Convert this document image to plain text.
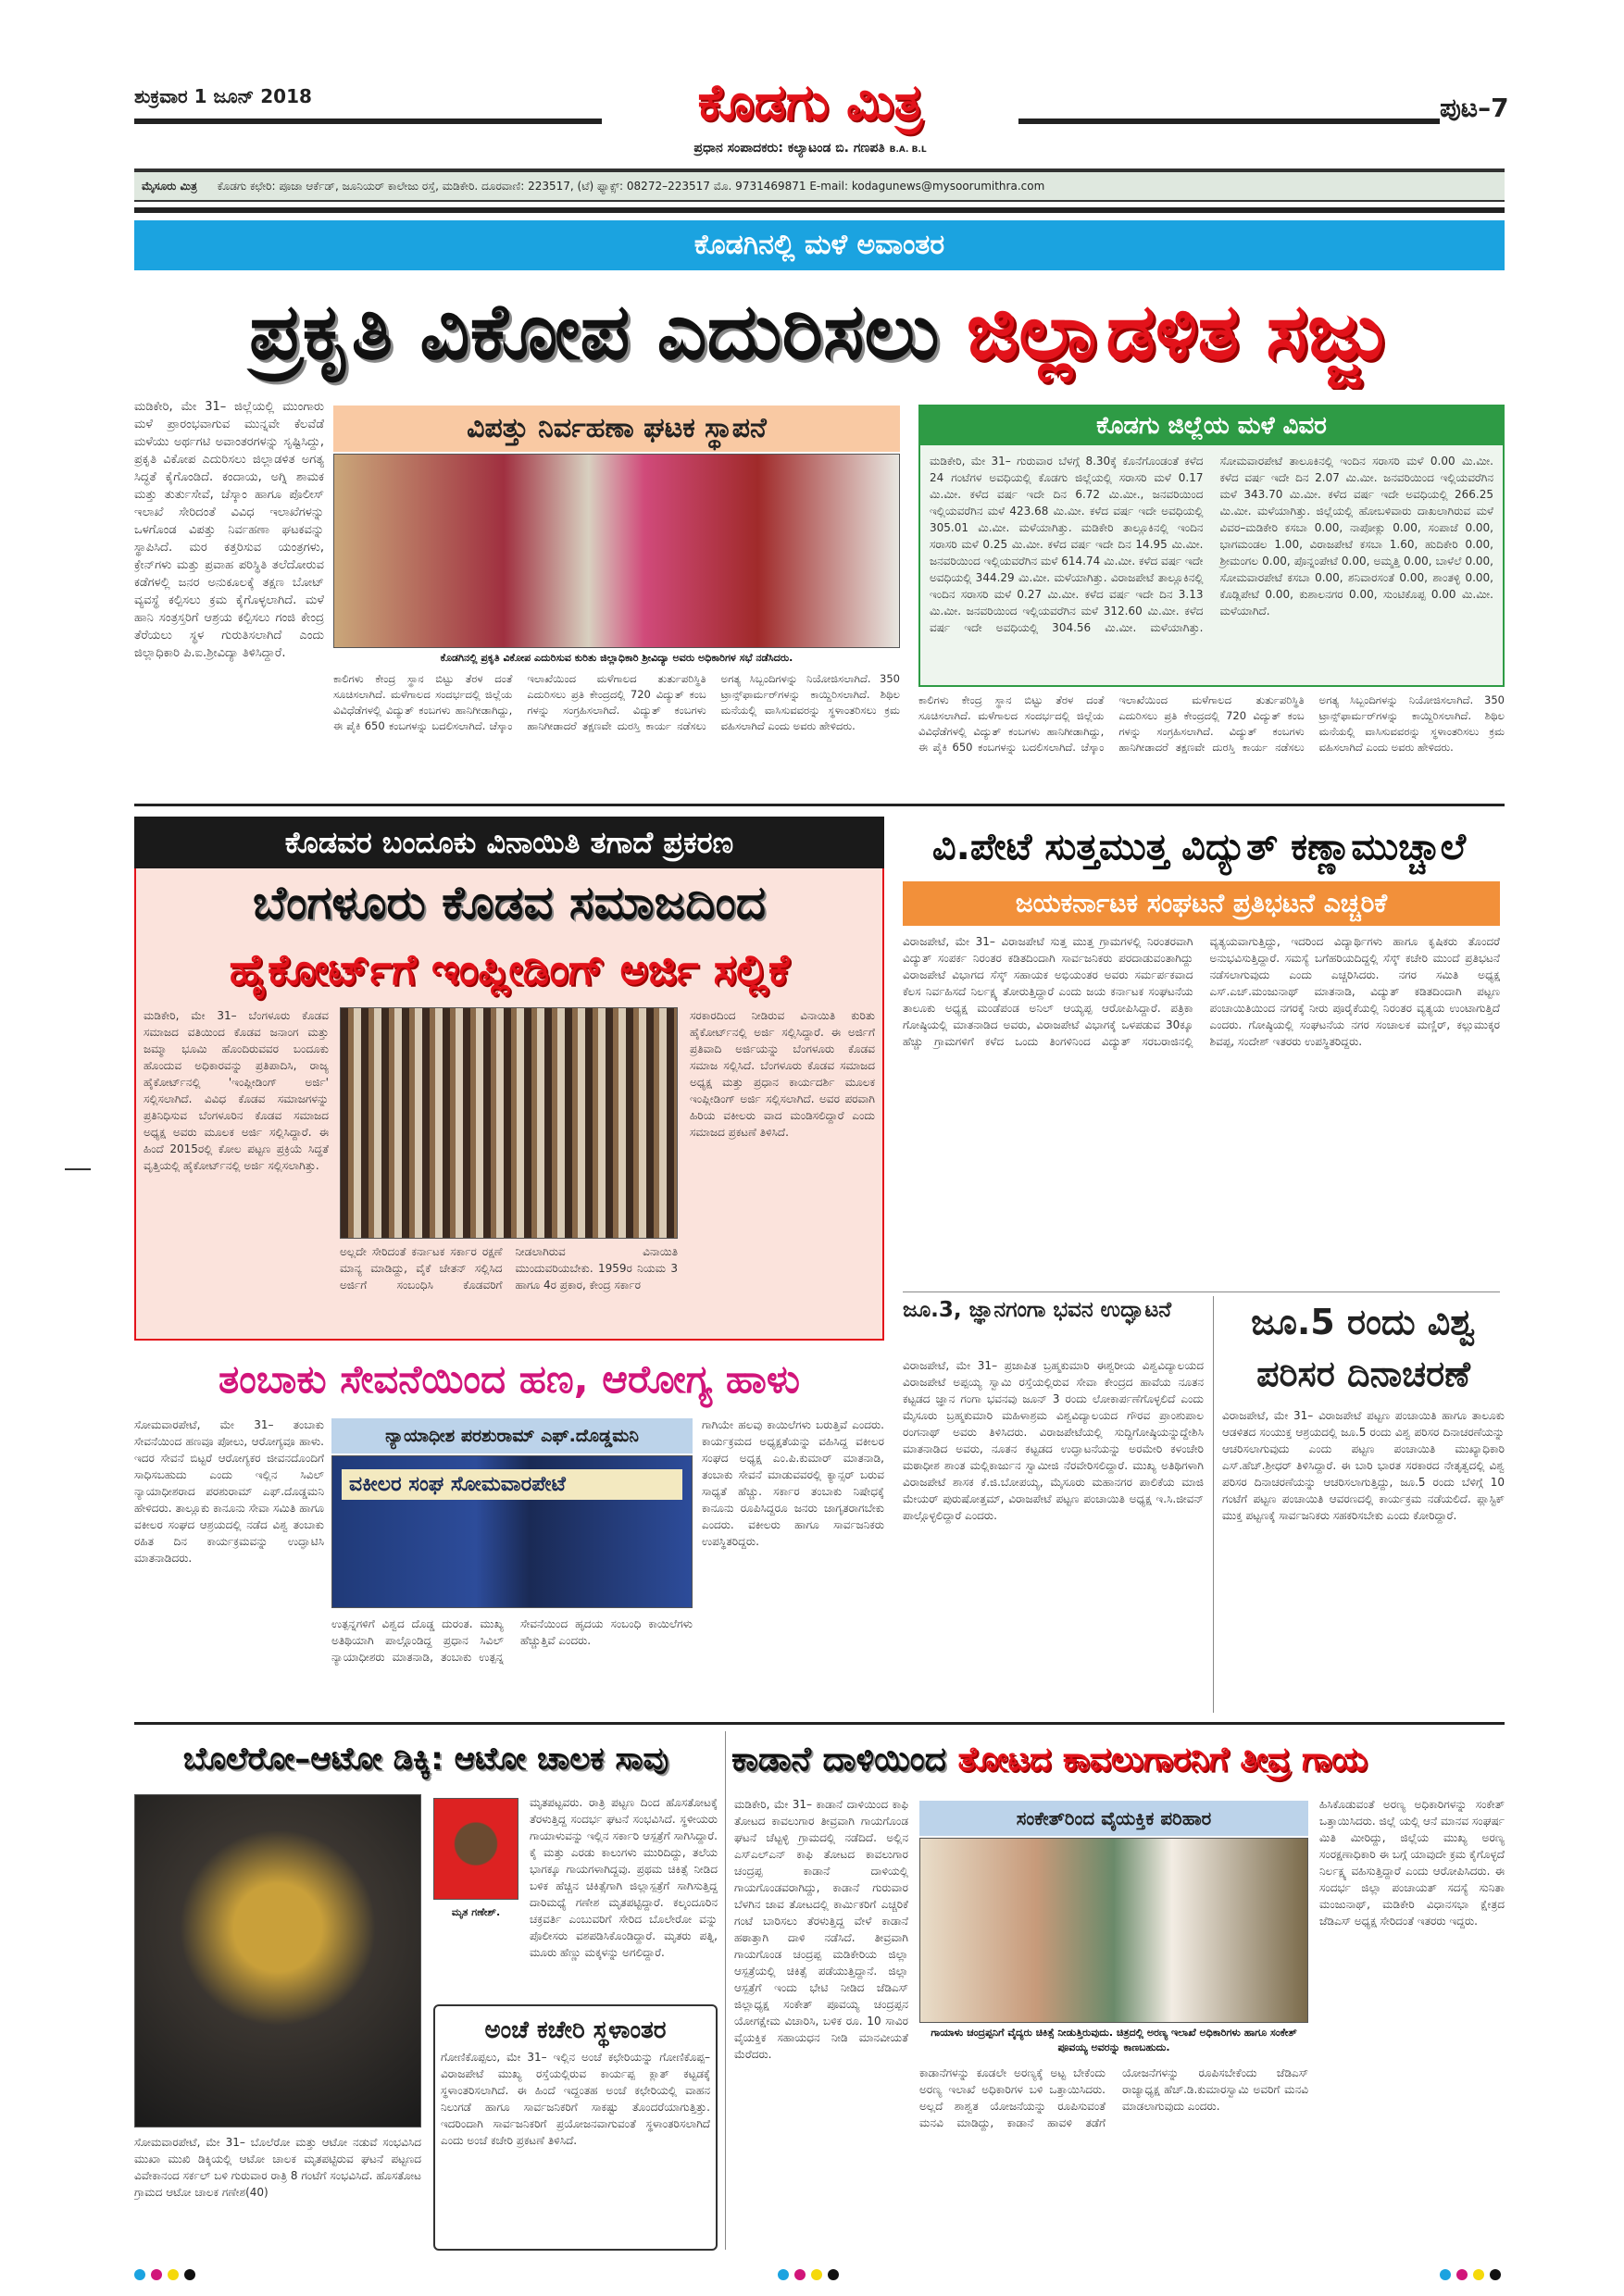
ಶುಕ್ರವಾರ 1 ಜೂನ್ 2018	ಕೊಡಗು ಮಿತ್ರ
ಪ್ರಧಾನ ಸಂಪಾದಕರು: ಕಲ್ಯಾಟಂಡ ಬಿ. ಗಣಪತಿ B.A. B.L
ಪುಟ–7
ಮೈಸೂರು ಮಿತ್ರ ಕೊಡಗು ಕಛೇರಿ: ಪೂಜಾ ಆರ್ಕೆಡ್, ಜೂನಿಯರ್ ಕಾಲೇಜು ರಸ್ತೆ, ಮಡಿಕೇರಿ. ದೂರವಾಣಿ: 223517, (ಟೆ) ಫ್ಯಾಕ್ಸ್: 08272–223517 ಮೊ. 9731469871 E-mail: kodagunews@mysoorumithra.com
ಕೊಡಗಿನಲ್ಲಿ ಮಳೆ ಅವಾಂತರ
ಪ್ರಕೃತಿ ವಿಕೋಪ ಎದುರಿಸಲು ಜಿಲ್ಲಾಡಳಿತ ಸಜ್ಜು
ಮಡಿಕೇರಿ, ಮೇ 31– ಜಿಲ್ಲೆಯಲ್ಲಿ ಮುಂಗಾರು ಮಳೆ ಪ್ರಾರಂಭವಾಗುವ ಮುನ್ನವೇ ಕೆಲವೆಡೆ ಮಳೆಯು ಅರ್ಥಗಟಿ ಅವಾಂತರಗಳನ್ನು ಸೃಷ್ಟಿಸಿದ್ದು, ಪ್ರಕೃತಿ ವಿಕೋಪ ಎದುರಿಸಲು ಜಿಲ್ಲಾಡಳಿತ ಅಗತ್ಯ ಸಿದ್ಧತೆ ಕೈಗೊಂಡಿದೆ. ಕಂದಾಯ, ಅಗ್ನಿ ಶಾಮಕ ಮತ್ತು ತುರ್ತುಸೇವೆ, ಚೆಸ್ಕಾಂ ಹಾಗೂ ಪೊಲೀಸ್ ಇಲಾಖೆ ಸೇರಿದಂತೆ ವಿವಿಧ ಇಲಾಖೆಗಳನ್ನು ಒಳಗೊಂಡ ವಿಪತ್ತು ನಿರ್ವಹಣಾ ಘಟಕವನ್ನು ಸ್ಥಾಪಿಸಿದೆ. ಮರ ಕತ್ತರಿಸುವ ಯಂತ್ರಗಳು, ಕ್ರೇನ್‌ಗಳು ಮತ್ತು ಪ್ರವಾಹ ಪರಿಸ್ಥಿತಿ ತಲೆದೋರುವ ಕಡೆಗಳಲ್ಲಿ ಜನರ ಅನುಕೂಲಕ್ಕೆ ತಕ್ಷಣ ಬೋಟ್ ವ್ಯವಸ್ಥೆ ಕಲ್ಪಿಸಲು ಕ್ರಮ ಕೈಗೊಳ್ಳಲಾಗಿದೆ. ಮಳೆ ಹಾನಿ ಸಂತ್ರಸ್ತರಿಗೆ ಆಶ್ರಯ ಕಲ್ಪಿಸಲು ಗಂಜಿ ಕೇಂದ್ರ ತೆರೆಯಲು ಸ್ಥಳ ಗುರುತಿಸಲಾಗಿದೆ ಎಂದು ಜಿಲ್ಲಾಧಿಕಾರಿ ಪಿ.ಐ.ಶ್ರೀವಿದ್ಯಾ ತಿಳಿಸಿದ್ದಾರೆ.
ವಿಪತ್ತು ನಿರ್ವಹಣಾ ಘಟಕ ಸ್ಥಾಪನೆ
ಕೊಡಗಿನಲ್ಲಿ ಪ್ರಕೃತಿ ವಿಕೋಪ ಎದುರಿಸುವ ಕುರಿತು ಜಿಲ್ಲಾಧಿಕಾರಿ ಶ್ರೀವಿದ್ಯಾ ಅವರು ಅಧಿಕಾರಿಗಳ ಸಭೆ ನಡೆಸಿದರು.
ಕಾಲಿಗಳು ಕೇಂದ್ರ ಸ್ಥಾನ ಬಿಟ್ಟು ತೆರಳ ದಂತೆ ಸೂಚಿಸಲಾಗಿದೆ. ಮಳೆಗಾಲದ ಸಂದರ್ಭದಲ್ಲಿ ಜಿಲ್ಲೆಯ ವಿವಿಧೆಡೆಗಳಲ್ಲಿ ವಿದ್ಯುತ್ ಕಂಬಗಳು ಹಾನಿಗೀಡಾಗಿದ್ದು, ಈ ಪೈಕಿ 650 ಕಂಬಗಳನ್ನು ಬದಲಿಸಲಾಗಿದೆ. ಚೆಸ್ಕಾಂ ಇಲಾಖೆಯಿಂದ ಮಳೆಗಾಲದ ತುರ್ತುಪರಿಸ್ಥಿತಿ ಎದುರಿಸಲು ಪ್ರತಿ ಕೇಂದ್ರದಲ್ಲಿ 720 ವಿದ್ಯುತ್ ಕಂಬ ಗಳನ್ನು ಸಂಗ್ರಹಿಸಲಾಗಿದೆ. ವಿದ್ಯುತ್ ಕಂಬಗಳು ಹಾನಿಗೀಡಾದರೆ ತಕ್ಷಣವೇ ದುರಸ್ತಿ ಕಾರ್ಯ ನಡೆಸಲು ಅಗತ್ಯ ಸಿಬ್ಬಂದಿಗಳನ್ನು ನಿಯೋಜಿಸಲಾಗಿದೆ. 350 ಟ್ರಾನ್ಸ್‌ಫಾರ್ಮರ್‌ಗಳನ್ನು ಕಾಯ್ದಿರಿಸಲಾಗಿದೆ. ಶಿಥಿಲ ಮನೆಯಲ್ಲಿ ವಾಸಿಸುವವರನ್ನು ಸ್ಥಳಾಂತರಿಸಲು ಕ್ರಮ ವಹಿಸಲಾಗಿದೆ ಎಂದು ಅವರು ಹೇಳಿದರು.
ಕೊಡಗು ಜಿಲ್ಲೆಯ ಮಳೆ ವಿವರ
ಮಡಿಕೇರಿ, ಮೇ 31– ಗುರುವಾರ ಬೆಳಗ್ಗೆ 8.30ಕ್ಕೆ ಕೊನೆಗೊಂಡಂತೆ ಕಳೆದ 24 ಗಂಟೆಗಳ ಅವಧಿಯಲ್ಲಿ ಕೊಡಗು ಜಿಲ್ಲೆಯಲ್ಲಿ ಸರಾಸರಿ ಮಳೆ 0.17 ಮಿ.ಮೀ. ಕಳೆದ ವರ್ಷ ಇದೇ ದಿನ 6.72 ಮಿ.ಮೀ., ಜನವರಿಯಿಂದ ಇಲ್ಲಿಯವರೆಗಿನ ಮಳೆ 423.68 ಮಿ.ಮೀ. ಕಳೆದ ವರ್ಷ ಇದೇ ಅವಧಿಯಲ್ಲಿ 305.01 ಮಿ.ಮೀ. ಮಳೆಯಾಗಿತ್ತು. ಮಡಿಕೇರಿ ತಾಲ್ಲೂಕಿನಲ್ಲಿ ಇಂದಿನ ಸರಾಸರಿ ಮಳೆ 0.25 ಮಿ.ಮೀ. ಕಳೆದ ವರ್ಷ ಇದೇ ದಿನ 14.95 ಮಿ.ಮೀ. ಜನವರಿಯಿಂದ ಇಲ್ಲಿಯವರೆಗಿನ ಮಳೆ 614.74 ಮಿ.ಮೀ. ಕಳೆದ ವರ್ಷ ಇದೇ ಅವಧಿಯಲ್ಲಿ 344.29 ಮಿ.ಮೀ. ಮಳೆಯಾಗಿತ್ತು. ವಿರಾಜಪೇಟೆ ತಾಲ್ಲೂಕಿನಲ್ಲಿ ಇಂದಿನ ಸರಾಸರಿ ಮಳೆ 0.27 ಮಿ.ಮೀ. ಕಳೆದ ವರ್ಷ ಇದೇ ದಿನ 3.13 ಮಿ.ಮೀ. ಜನವರಿಯಿಂದ ಇಲ್ಲಿಯವರೆಗಿನ ಮಳೆ 312.60 ಮಿ.ಮೀ. ಕಳೆದ ವರ್ಷ ಇದೇ ಅವಧಿಯಲ್ಲಿ 304.56 ಮಿ.ಮೀ. ಮಳೆಯಾಗಿತ್ತು. ಸೋಮವಾರಪೇಟೆ ತಾಲೂಕಿನಲ್ಲಿ ಇಂದಿನ ಸರಾಸರಿ ಮಳೆ 0.00 ಮಿ.ಮೀ. ಕಳೆದ ವರ್ಷ ಇದೇ ದಿನ 2.07 ಮಿ.ಮೀ. ಜನವರಿಯಿಂದ ಇಲ್ಲಿಯವರೆಗಿನ ಮಳೆ 343.70 ಮಿ.ಮೀ. ಕಳೆದ ವರ್ಷ ಇದೇ ಅವಧಿಯಲ್ಲಿ 266.25 ಮಿ.ಮೀ. ಮಳೆಯಾಗಿತ್ತು. ಜಿಲ್ಲೆಯಲ್ಲಿ ಹೋಬಳಿವಾರು ದಾಖಲಾಗಿರುವ ಮಳೆ ವಿವರ–ಮಡಿಕೇರಿ ಕಸಬಾ 0.00, ನಾಪೋಕ್ಲು 0.00, ಸಂಪಾಜೆ 0.00, ಭಾಗಮಂಡಲ 1.00, ವಿರಾಜಪೇಟೆ ಕಸಬಾ 1.60, ಹುದಿಕೇರಿ 0.00, ಶ್ರೀಮಂಗಲ 0.00, ಪೊನ್ನಂಪೇಟೆ 0.00, ಅಮ್ಮತ್ತಿ 0.00, ಬಾಳೆಲೆ 0.00, ಸೋಮವಾರಪೇಟೆ ಕಸಬಾ 0.00, ಶನಿವಾರಸಂತೆ 0.00, ಶಾಂತಳ್ಳಿ 0.00, ಕೊಡ್ಲಿಪೇಟೆ 0.00, ಕುಶಾಲನಗರ 0.00, ಸುಂಟಿಕೊಪ್ಪ 0.00 ಮಿ.ಮೀ. ಮಳೆಯಾಗಿದೆ.
ಕಾಲಿಗಳು ಕೇಂದ್ರ ಸ್ಥಾನ ಬಿಟ್ಟು ತೆರಳ ದಂತೆ ಸೂಚಿಸಲಾಗಿದೆ. ಮಳೆಗಾಲದ ಸಂದರ್ಭದಲ್ಲಿ ಜಿಲ್ಲೆಯ ವಿವಿಧೆಡೆಗಳಲ್ಲಿ ವಿದ್ಯುತ್ ಕಂಬಗಳು ಹಾನಿಗೀಡಾಗಿದ್ದು, ಈ ಪೈಕಿ 650 ಕಂಬಗಳನ್ನು ಬದಲಿಸಲಾಗಿದೆ. ಚೆಸ್ಕಾಂ ಇಲಾಖೆಯಿಂದ ಮಳೆಗಾಲದ ತುರ್ತುಪರಿಸ್ಥಿತಿ ಎದುರಿಸಲು ಪ್ರತಿ ಕೇಂದ್ರದಲ್ಲಿ 720 ವಿದ್ಯುತ್ ಕಂಬ ಗಳನ್ನು ಸಂಗ್ರಹಿಸಲಾಗಿದೆ. ವಿದ್ಯುತ್ ಕಂಬಗಳು ಹಾನಿಗೀಡಾದರೆ ತಕ್ಷಣವೇ ದುರಸ್ತಿ ಕಾರ್ಯ ನಡೆಸಲು ಅಗತ್ಯ ಸಿಬ್ಬಂದಿಗಳನ್ನು ನಿಯೋಜಿಸಲಾಗಿದೆ. 350 ಟ್ರಾನ್ಸ್‌ಫಾರ್ಮರ್‌ಗಳನ್ನು ಕಾಯ್ದಿರಿಸಲಾಗಿದೆ. ಶಿಥಿಲ ಮನೆಯಲ್ಲಿ ವಾಸಿಸುವವರನ್ನು ಸ್ಥಳಾಂತರಿಸಲು ಕ್ರಮ ವಹಿಸಲಾಗಿದೆ ಎಂದು ಅವರು ಹೇಳಿದರು.
ಕೊಡವರ ಬಂದೂಕು ವಿನಾಯಿತಿ ತಗಾದೆ ಪ್ರಕರಣ
ಬೆಂಗಳೂರು ಕೊಡವ ಸಮಾಜದಿಂದ
ಹೈಕೋರ್ಟ್‌ಗೆ ಇಂಪ್ಲೀಡಿಂಗ್ ಅರ್ಜಿ ಸಲ್ಲಿಕೆ
ಮಡಿಕೇರಿ, ಮೇ 31– ಬೆಂಗಳೂರು ಕೊಡವ ಸಮಾಜದ ವತಿಯಿಂದ ಕೊಡವ ಜನಾಂಗ ಮತ್ತು ಜಮ್ಮಾ ಭೂಮಿ ಹೊಂದಿರುವವರ ಬಂದೂಕು ಹೊಂದುವ ಅಧಿಕಾರವನ್ನು ಪ್ರತಿಪಾದಿಸಿ, ರಾಜ್ಯ ಹೈಕೋರ್ಟ್‌ನಲ್ಲಿ 'ಇಂಪ್ಲೀಡಿಂಗ್ ಅರ್ಜಿ' ಸಲ್ಲಿಸಲಾಗಿದೆ. ವಿವಿಧ ಕೊಡವ ಸಮಾಜಗಳನ್ನು ಪ್ರತಿನಿಧಿಸುವ ಬೆಂಗಳೂರಿನ ಕೊಡವ ಸಮಾಜದ ಅಧ್ಯಕ್ಷ ಅವರು ಮೂಲಕ ಅರ್ಜಿ ಸಲ್ಲಿಸಿದ್ದಾರೆ. ಈ ಹಿಂದೆ 2015ರಲ್ಲಿ ಕೋಲ ಪಟ್ಟಣ ಪ್ರಕ್ರಿಯೆ ಸಿದ್ಧತೆ ವೃತ್ತಿಯಲ್ಲಿ ಹೈಕೋರ್ಟ್‌ನಲ್ಲಿ ಅರ್ಜಿ ಸಲ್ಲಿಸಲಾಗಿತ್ತು.
ಅಲ್ಲದೇ ಸೇರಿದಂತೆ ಕರ್ನಾಟಕ ಸರ್ಕಾರ ರಕ್ಷಣೆ ಮಾನ್ಯ ಮಾಡಿದ್ದು, ವೈಕೆ ಚೇತನ್ ಸಲ್ಲಿಸಿದ ಅರ್ಜಿಗೆ ಸಂಬಂಧಿಸಿ ಕೊಡವರಿಗೆ ನೀಡಲಾಗಿರುವ ವಿನಾಯಿತಿ ಮುಂದುವರಿಯಬೇಕು. 1959ರ ನಿಯಮ 3 ಹಾಗೂ 4ರ ಪ್ರಕಾರ, ಕೇಂದ್ರ ಸರ್ಕಾರ
ಸರಕಾರದಿಂದ ನೀಡಿರುವ ವಿನಾಯಿತಿ ಕುರಿತು ಹೈಕೋರ್ಟ್‌ನಲ್ಲಿ ಅರ್ಜಿ ಸಲ್ಲಿಸಿದ್ದಾರೆ. ಈ ಅರ್ಜಿಗೆ ಪ್ರತಿವಾದಿ ಅರ್ಜಿಯನ್ನು ಬೆಂಗಳೂರು ಕೊಡವ ಸಮಾಜ ಸಲ್ಲಿಸಿದೆ. ಬೆಂಗಳೂರು ಕೊಡವ ಸಮಾಜದ ಅಧ್ಯಕ್ಷ ಮತ್ತು ಪ್ರಧಾನ ಕಾರ್ಯದರ್ಶಿ ಮೂಲಕ ಇಂಪ್ಲೀಡಿಂಗ್ ಅರ್ಜಿ ಸಲ್ಲಿಸಲಾಗಿದೆ. ಅವರ ಪರವಾಗಿ ಹಿರಿಯ ವಕೀಲರು ವಾದ ಮಂಡಿಸಲಿದ್ದಾರೆ ಎಂದು ಸಮಾಜದ ಪ್ರಕಟಣೆ ತಿಳಿಸಿದೆ.
ವಿ.ಪೇಟೆ ಸುತ್ತಮುತ್ತ ವಿದ್ಯುತ್ ಕಣ್ಣಾಮುಚ್ಚಾಲೆ
ಜಯಕರ್ನಾಟಕ ಸಂಘಟನೆ ಪ್ರತಿಭಟನೆ ಎಚ್ಚರಿಕೆ
ವಿರಾಜಪೇಟೆ, ಮೇ 31– ವಿರಾಜಪೇಟೆ ಸುತ್ತ ಮುತ್ತ ಗ್ರಾಮಗಳಲ್ಲಿ ನಿರಂತರವಾಗಿ ವಿದ್ಯುತ್ ಸಂಪರ್ಕ ನಿರಂತರ ಕಡಿತದಿಂದಾಗಿ ಸಾರ್ವಜನಿಕರು ಪರದಾಡುವಂತಾಗಿದ್ದು ವಿರಾಜಪೇಟೆ ವಿಭಾಗದ ಸೆಸ್ಕ್ ಸಹಾಯಕ ಅಭಿಯಂತರ ಅವರು ಸರ್ಮರ್ಪಕವಾದ ಕೆಲಸ ನಿರ್ವಹಿಸದೆ ನಿರ್ಲಕ್ಷ್ಯ ತೋರುತ್ತಿದ್ದಾರೆ ಎಂದು ಜಯ ಕರ್ನಾಟಕ ಸಂಘಟನೆಯ ತಾಲೂಕು ಅಧ್ಯಕ್ಷ ಮಂಡೆಪಂಡ ಅನಿಲ್ ಆಯ್ಯಪ್ಪ ಆರೋಪಿಸಿದ್ದಾರೆ. ಪತ್ರಿಕಾ ಗೋಷ್ಠಿಯಲ್ಲಿ ಮಾತನಾಡಿದ ಅವರು, ವಿರಾಜಪೇಟೆ ವಿಭಾಗಕ್ಕೆ ಒಳಪಡುವ 30ಕ್ಕೂ ಹೆಚ್ಚು ಗ್ರಾಮಗಳಿಗೆ ಕಳೆದ ಒಂದು ತಿಂಗಳಿನಿಂದ ವಿದ್ಯುತ್ ಸರಬರಾಜಿನಲ್ಲಿ ವ್ಯತ್ಯಯವಾಗುತ್ತಿದ್ದು, ಇದರಿಂದ ವಿದ್ಯಾರ್ಥಿಗಳು ಹಾಗೂ ಕೃಷಿಕರು ತೊಂದರೆ ಅನುಭವಿಸುತ್ತಿದ್ದಾರೆ. ಸಮಸ್ಯೆ ಬಗೆಹರಿಯದಿದ್ದಲ್ಲಿ ಸೆಸ್ಕ್ ಕಚೇರಿ ಮುಂದೆ ಪ್ರತಿಭಟನೆ ನಡೆಸಲಾಗುವುದು ಎಂದು ಎಚ್ಚರಿಸಿದರು. ನಗರ ಸಮಿತಿ ಅಧ್ಯಕ್ಷ ಎಸ್.ಎಚ್.ಮಂಜುನಾಥ್ ಮಾತನಾಡಿ, ವಿದ್ಯುತ್ ಕಡಿತದಿಂದಾಗಿ ಪಟ್ಟಣ ಪಂಚಾಯಿತಿಯಿಂದ ನಗರಕ್ಕೆ ನೀರು ಪೂರೈಕೆಯಲ್ಲಿ ನಿರಂತರ ವ್ಯತ್ಯಯ ಉಂಟಾಗುತ್ತಿದೆ ಎಂದರು. ಗೋಷ್ಠಿಯಲ್ಲಿ ಸಂಘಟನೆಯ ನಗರ ಸಂಚಾಲಕ ಮಣ್ಣಿರ್, ಕಲ್ಲುಮುಕ್ಕರ ಶಿವಪ್ಪ, ಸಂದೇಶ್ ಇತರರು ಉಪಸ್ಥಿತರಿದ್ದರು.
ಜೂ.3, ಜ್ಞಾನಗಂಗಾ ಭವನ ಉದ್ಘಾಟನೆ
ವಿರಾಜಪೇಟೆ, ಮೇ 31– ಪ್ರಜಾಪಿತ ಬ್ರಹ್ಮಕುಮಾರಿ ಈಶ್ವರೀಯ ವಿಶ್ವವಿದ್ಯಾಲಯದ ವಿರಾಜಪೇಟೆ ಅಪ್ಪಯ್ಯ ಸ್ವಾಮಿ ರಸ್ತೆಯಲ್ಲಿರುವ ಸೇವಾ ಕೇಂದ್ರದ ಹಾವೆಯ ನೂತನ ಕಟ್ಟಡದ ಜ್ಞಾನ ಗಂಗಾ ಭವನವು ಜೂನ್ 3 ರಂದು ಲೋಕಾರ್ಪಣೆಗೊಳ್ಳಲಿದೆ ಎಂದು ಮೈಸೂರು ಬ್ರಹ್ಮಕುಮಾರಿ ಮಹಿಳಾಶ್ರಮ ವಿಶ್ವವಿದ್ಯಾಲಯದ ಗೌರವ ಪ್ರಾಂಶುಪಾಲ ರಂಗನಾಥ್ ಅವರು ತಿಳಿಸಿದರು. ವಿರಾಜಪೇಟೆಯಲ್ಲಿ ಸುದ್ದಿಗೋಷ್ಠಿಯನ್ನುದ್ದೇಶಿಸಿ ಮಾತನಾಡಿದ ಅವರು, ನೂತನ ಕಟ್ಟಡದ ಉದ್ಘಾಟನೆಯನ್ನು ಅರಮೇರಿ ಕಳಂಚೇರಿ ಮಠಾಧೀಶ ಶಾಂತ ಮಲ್ಲಿಕಾರ್ಜುನ ಸ್ವಾಮೀಜಿ ನೆರವೇರಿಸಲಿದ್ದಾರೆ. ಮುಖ್ಯ ಅತಿಥಿಗಳಾಗಿ ವಿರಾಜಪೇಟೆ ಶಾಸಕ ಕೆ.ಜಿ.ಬೋಪಯ್ಯ, ಮೈಸೂರು ಮಹಾನಗರ ಪಾಲಿಕೆಯ ಮಾಜಿ ಮೇಯರ್ ಪುರುಷೋತ್ತಮ್, ವಿರಾಜಪೇಟೆ ಪಟ್ಟಣ ಪಂಚಾಯಿತಿ ಅಧ್ಯಕ್ಷ ಇ.ಸಿ.ಜೀವನ್ ಪಾಲ್ಗೊಳ್ಳಲಿದ್ದಾರೆ ಎಂದರು.
ಜೂ.5 ರಂದು ವಿಶ್ವ
ಪರಿಸರ ದಿನಾಚರಣೆ
ವಿರಾಜಪೇಟೆ, ಮೇ 31– ವಿರಾಜಪೇಟೆ ಪಟ್ಟಣ ಪಂಚಾಯಿತಿ ಹಾಗೂ ತಾಲೂಕು ಆಡಳಿತದ ಸಂಯುಕ್ತ ಆಶ್ರಯದಲ್ಲಿ ಜೂ.5 ರಂದು ವಿಶ್ವ ಪರಿಸರ ದಿನಾಚರಣೆಯನ್ನು ಆಚರಿಸಲಾಗುವುದು ಎಂದು ಪಟ್ಟಣ ಪಂಚಾಯಿತಿ ಮುಖ್ಯಾಧಿಕಾರಿ ಎಸ್.ಹೆಚ್.ಶ್ರೀಧರ್ ತಿಳಿಸಿದ್ದಾರೆ. ಈ ಬಾರಿ ಭಾರತ ಸರಕಾರದ ನೇತೃತ್ವದಲ್ಲಿ ವಿಶ್ವ ಪರಿಸರ ದಿನಾಚರಣೆಯನ್ನು ಆಚರಿಸಲಾಗುತ್ತಿದ್ದು, ಜೂ.5 ರಂದು ಬೆಳಿಗ್ಗೆ 10 ಗಂಟೆಗೆ ಪಟ್ಟಣ ಪಂಚಾಯಿತಿ ಆವರಣದಲ್ಲಿ ಕಾರ್ಯಕ್ರಮ ನಡೆಯಲಿದೆ. ಪ್ಲಾಸ್ಟಿಕ್ ಮುಕ್ತ ಪಟ್ಟಣಕ್ಕೆ ಸಾರ್ವಜನಿಕರು ಸಹಕರಿಸಬೇಕು ಎಂದು ಕೋರಿದ್ದಾರೆ.
ತಂಬಾಕು ಸೇವನೆಯಿಂದ ಹಣ, ಆರೋಗ್ಯ ಹಾಳು
ಸೋಮವಾರಪೇಟೆ, ಮೇ 31– ತಂಬಾಕು ಸೇವನೆಯಿಂದ ಹಣವೂ ಪೋಲು, ಆರೋಗ್ಯವೂ ಹಾಳು. ಇದರ ಸೇವನೆ ಬಿಟ್ಟರೆ ಆರೋಗ್ಯಕರ ಜೀವನದೊಂದಿಗೆ ಸಾಧಿಸಬಹುದು ಎಂದು ಇಲ್ಲಿನ ಸಿವಿಲ್ ನ್ಯಾಯಾಧೀಶರಾದ ಪರಶುರಾಮ್ ಎಫ್.ದೊಡ್ಡಮನಿ ಹೇಳಿದರು. ತಾಲ್ಲೂಕು ಕಾನೂನು ಸೇವಾ ಸಮಿತಿ ಹಾಗೂ ವಕೀಲರ ಸಂಘದ ಆಶ್ರಯದಲ್ಲಿ ನಡೆದ ವಿಶ್ವ ತಂಬಾಕು ರಹಿತ ದಿನ ಕಾರ್ಯಕ್ರಮವನ್ನು ಉದ್ಘಾಟಿಸಿ ಮಾತನಾಡಿದರು.
ನ್ಯಾಯಾಧೀಶ ಪರಶುರಾಮ್ ಎಫ್.ದೊಡ್ಡಮನಿ
ವಕೀಲರ ಸಂಘ ಸೋಮವಾರಪೇಟೆ
ಉತ್ಪನ್ನಗಳಿಗೆ ವಿಶ್ವದ ದೊಡ್ಡ ದುರಂತ. ಮುಖ್ಯ ಅತಿಥಿಯಾಗಿ ಪಾಲ್ಗೊಂಡಿದ್ದ ಪ್ರಧಾನ ಸಿವಿಲ್ ನ್ಯಾಯಾಧೀಶರು ಮಾತನಾಡಿ, ತಂಬಾಕು ಉತ್ಪನ್ನ ಸೇವನೆಯಿಂದ ಹೃದಯ ಸಂಬಂಧಿ ಕಾಯಿಲೆಗಳು ಹೆಚ್ಚುತ್ತಿವೆ ಎಂದರು.
ಗಾಗಿಯೇ ಹಲವು ಕಾಯಿಲೆಗಳು ಬರುತ್ತಿವೆ ಎಂದರು. ಕಾರ್ಯಕ್ರಮದ ಅಧ್ಯಕ್ಷತೆಯನ್ನು ವಹಿಸಿದ್ದ ವಕೀಲರ ಸಂಘದ ಅಧ್ಯಕ್ಷ ಎಂ.ಪಿ.ಕುಮಾರ್ ಮಾತನಾಡಿ, ತಂಬಾಕು ಸೇವನೆ ಮಾಡುವವರಲ್ಲಿ ಕ್ಯಾನ್ಸರ್ ಬರುವ ಸಾಧ್ಯತೆ ಹೆಚ್ಚು. ಸರ್ಕಾರ ತಂಬಾಕು ನಿಷೇಧಕ್ಕೆ ಕಾನೂನು ರೂಪಿಸಿದ್ದರೂ ಜನರು ಜಾಗೃತರಾಗಬೇಕು ಎಂದರು. ವಕೀಲರು ಹಾಗೂ ಸಾರ್ವಜನಿಕರು ಉಪಸ್ಥಿತರಿದ್ದರು.
ಬೊಲೆರೋ–ಆಟೋ ಡಿಕ್ಕಿ: ಆಟೋ ಚಾಲಕ ಸಾವು
ಸೋಮವಾರಪೇಟೆ, ಮೇ 31– ಬೊಲೆರೋ ಮತ್ತು ಆಟೋ ನಡುವೆ ಸಂಭವಿಸಿದ ಮುಖಾ ಮುಖಿ ಡಿಕ್ಕಿಯಲ್ಲಿ ಆಟೋ ಚಾಲಕ ಮೃತಪಟ್ಟಿರುವ ಘಟನೆ ಪಟ್ಟಣದ ವಿವೇಕಾನಂದ ಸರ್ಕಲ್ ಬಳಿ ಗುರುವಾರ ರಾತ್ರಿ 8 ಗಂಟೆಗೆ ಸಂಭವಿಸಿದೆ. ಹೊಸತೋಟ ಗ್ರಾಮದ ಆಟೋ ಚಾಲಕ ಗಣೇಶ(40)
ಮೃತ ಗಣೇಶ್.
ಮೃತಪಟ್ಟವರು. ರಾತ್ರಿ ಪಟ್ಟಣ ದಿಂದ ಹೊಸತೋಟಕ್ಕೆ ತೆರಳುತ್ತಿದ್ದ ಸಂದರ್ಭ ಘಟನೆ ಸಂಭವಿಸಿದೆ. ಸ್ಥಳೀಯರು ಗಾಯಾಳುವನ್ನು ಇಲ್ಲಿನ ಸರ್ಕಾರಿ ಆಸ್ಪತ್ರೆಗೆ ಸಾಗಿಸಿದ್ದಾರೆ. ಕೈ ಮತ್ತು ಎರಡು ಕಾಲುಗಳು ಮುರಿದಿದ್ದು, ತಲೆಯ ಭಾಗಕ್ಕೂ ಗಾಯಗಳಾಗಿದ್ದವು. ಪ್ರಥಮ ಚಿಕಿತ್ಸೆ ನೀಡಿದ ಬಳಿಕ ಹೆಚ್ಚಿನ ಚಿಕಿತ್ಸೆಗಾಗಿ ಜಿಲ್ಲಾಸ್ಪತ್ರೆಗೆ ಸಾಗಿಸುತ್ತಿದ್ದ ದಾರಿಮಧ್ಯೆ ಗಣೇಶ ಮೃತಪಟ್ಟಿದ್ದಾರೆ. ಕಲ್ಕಂದೂರಿನ ಚಕ್ರವರ್ತಿ ಎಂಬುವರಿಗೆ ಸೇರಿದ ಬೊಲೇರೋ ವನ್ನು ಪೊಲೀಸರು ವಶಪಡಿಸಿಕೊಂಡಿದ್ದಾರೆ. ಮೃತರು ಪತ್ನಿ, ಮೂರು ಹೆಣ್ಣು ಮಕ್ಕಳನ್ನು ಅಗಲಿದ್ದಾರೆ.
ಅಂಚೆ ಕಚೇರಿ ಸ್ಥಳಾಂತರ
ಗೋಣಿಕೊಪ್ಪಲು, ಮೇ 31– ಇಲ್ಲಿನ ಅಂಚೆ ಕಛೇರಿಯನ್ನು ಗೋಣಿಕೊಪ್ಪ–ವಿರಾಜಪೇಟೆ ಮುಖ್ಯ ರಸ್ತೆಯಲ್ಲಿರುವ ಕಾರ್ಯಪ್ಪ ಕ್ಲಾತ್ ಕಟ್ಟಡಕ್ಕೆ ಸ್ಥಳಾಂತರಿಸಲಾಗಿದೆ. ಈ ಹಿಂದೆ ಇದ್ದಂತಹ ಅಂಚೆ ಕಛೇರಿಯಲ್ಲಿ ವಾಹನ ನಿಲುಗಡೆ ಹಾಗೂ ಸಾರ್ವಜನಿಕರಿಗೆ ಸಾಕಷ್ಟು ತೊಂದರೆಯಾಗುತ್ತಿತ್ತು. ಇದರಿಂದಾಗಿ ಸಾರ್ವಜನಿಕರಿಗೆ ಪ್ರಯೋಜನವಾಗುವಂತೆ ಸ್ಥಳಾಂತರಿಸಲಾಗಿದೆ ಎಂದು ಅಂಚೆ ಕಚೇರಿ ಪ್ರಕಟಣೆ ತಿಳಿಸಿದೆ.
ಕಾಡಾನೆ ದಾಳಿಯಿಂದ ತೋಟದ ಕಾವಲುಗಾರನಿಗೆ ತೀವ್ರ ಗಾಯ
ಮಡಿಕೇರಿ, ಮೇ 31– ಕಾಡಾನೆ ದಾಳಿಯಿಂದ ಕಾಫಿ ತೋಟದ ಕಾವಲುಗಾರ ತೀವ್ರವಾಗಿ ಗಾಯಗೊಂಡ ಘಟನೆ ಚೆಟ್ಟಳ್ಳಿ ಗ್ರಾಮದಲ್ಲಿ ನಡೆದಿದೆ. ಅಲ್ಲಿನ ಎಸ್‌ಎಲ್‌ಎನ್ ಕಾಫಿ ತೋಟದ ಕಾವಲುಗಾರ ಚಂದ್ರಪ್ಪ ಕಾಡಾನೆ ದಾಳಿಯಲ್ಲಿ ಗಾಯಗೊಂಡವರಾಗಿದ್ದು, ಕಾಡಾನೆ ಗುರುವಾರ ಬೆಳಗಿನ ಜಾವ ತೋಟದಲ್ಲಿ ಕಾರ್ಮಿಕರಿಗೆ ಎಚ್ಚರಿಕೆ ಗಂಟೆ ಬಾರಿಸಲು ತೆರಳುತ್ತಿದ್ದ ವೇಳೆ ಕಾಡಾನೆ ಹಠಾತ್ತಾಗಿ ದಾಳಿ ನಡೆಸಿದೆ. ತೀವ್ರವಾಗಿ ಗಾಯಗೊಂಡ ಚಂದ್ರಪ್ಪ ಮಡಿಕೇರಿಯ ಜಿಲ್ಲಾ ಆಸ್ಪತ್ರೆಯಲ್ಲಿ ಚಿಕಿತ್ಸೆ ಪಡೆಯುತ್ತಿದ್ದಾನೆ. ಜಿಲ್ಲಾ ಆಸ್ಪತ್ರೆಗೆ ಇಂದು ಭೇಟಿ ನೀಡಿದ ಜೆಡಿಎಸ್ ಜಿಲ್ಲಾಧ್ಯಕ್ಷ ಸಂಕೇತ್ ಪೂವಯ್ಯ ಚಂದ್ರಪ್ಪನ ಯೋಗಕ್ಷೇಮ ವಿಚಾರಿಸಿ, ಬಳಿಕ ರೂ. 10 ಸಾವಿರ ವೈಯಕ್ತಿಕ ಸಹಾಯಧನ ನೀಡಿ ಮಾನವೀಯತೆ ಮೆರೆದರು.
ಸಂಕೇತ್‌ರಿಂದ ವೈಯಕ್ತಿಕ ಪರಿಹಾರ
ಗಾಯಾಳು ಚಂದ್ರಪ್ಪನಿಗೆ ವೈದ್ಯರು ಚಿಕಿತ್ಸೆ ನೀಡುತ್ತಿರುವುದು. ಚಿತ್ರದಲ್ಲಿ ಅರಣ್ಯ ಇಲಾಖೆ ಅಧಿಕಾರಿಗಳು ಹಾಗೂ ಸಂಕೇತ್ ಪೂವಯ್ಯ ಅವರನ್ನು ಕಾಣಬಹುದು.
ಕಾಡಾನೆಗಳನ್ನು ಕೂಡಲೇ ಅರಣ್ಯಕ್ಕೆ ಅಟ್ಟ ಬೇಕೆಂದು ಅರಣ್ಯ ಇಲಾಖೆ ಅಧಿಕಾರಿಗಳ ಬಳಿ ಒತ್ತಾಯಿಸಿದರು. ಅಲ್ಲದೆ ಶಾಶ್ವತ ಯೋಜನೆಯನ್ನು ರೂಪಿಸುವಂತೆ ಮನವಿ ಮಾಡಿದ್ದು, ಕಾಡಾನೆ ಹಾವಳಿ ತಡೆಗೆ ಯೋಜನೆಗಳನ್ನು ರೂಪಿಸಬೇಕೆಂದು ಜೆಡಿಎಸ್ ರಾಜ್ಯಾಧ್ಯಕ್ಷ ಹೆಚ್.ಡಿ.ಕುಮಾರಸ್ವಾಮಿ ಅವರಿಗೆ ಮನವಿ ಮಾಡಲಾಗುವುದು ಎಂದರು.
ಹಿಸಿಕೊಡುವಂತೆ ಅರಣ್ಯ ಅಧಿಕಾರಿಗಳನ್ನು ಸಂಕೇತ್ ಒತ್ತಾಯಿಸಿದರು. ಜಿಲ್ಲೆ ಯಲ್ಲಿ ಆನೆ ಮಾನವ ಸಂಘರ್ಷ ಮಿತಿ ಮೀರಿದ್ದು, ಜಿಲ್ಲೆಯ ಮುಖ್ಯ ಅರಣ್ಯ ಸಂರಕ್ಷಣಾಧಿಕಾರಿ ಈ ಬಗ್ಗೆ ಯಾವುದೇ ಕ್ರಮ ಕೈಗೊಳ್ಳದೆ ನಿರ್ಲಕ್ಷ್ಯ ವಹಿಸುತ್ತಿದ್ದಾರೆ ಎಂದು ಆರೋಪಿಸಿದರು. ಈ ಸಂದರ್ಭ ಜಿಲ್ಲಾ ಪಂಚಾಯತ್ ಸದಸ್ಯೆ ಸುನಿತಾ ಮಂಜುನಾಥ್, ಮಡಿಕೇರಿ ವಿಧಾನಸಭಾ ಕ್ಷೇತ್ರದ ಜೆಡಿಎಸ್ ಅಧ್ಯಕ್ಷ ಸೇರಿದಂತೆ ಇತರರು ಇದ್ದರು.
